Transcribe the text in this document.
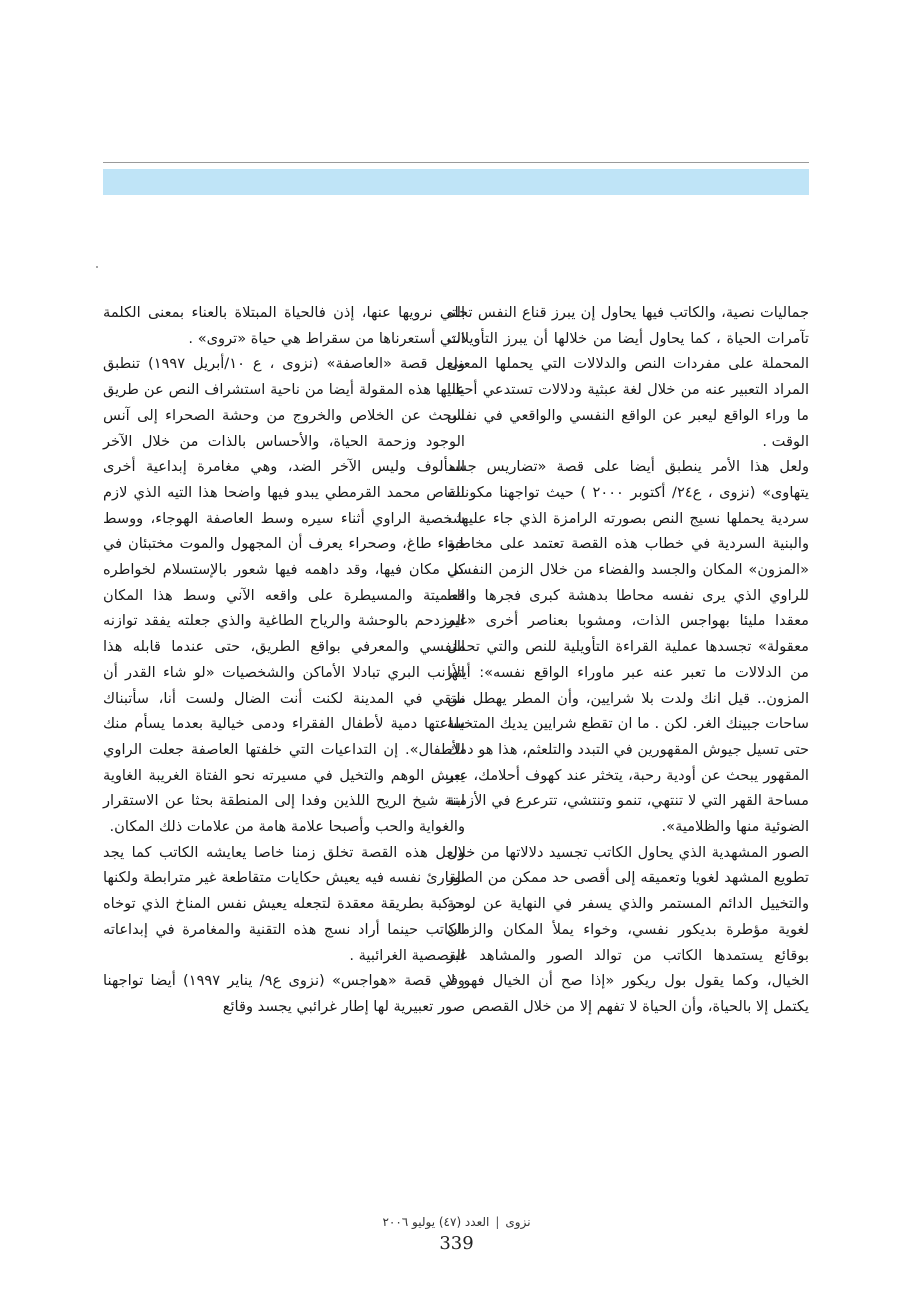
جماليات نصية، والكاتب فيها يحاول إن يبرز قناع النفس تجاه تآمرات الحياة ، كما يحاول أيضا من خلالها أن يبرز التأويلات المحملة على مفردات النص والدلالات التي يحملها المعنى المراد التعبير عنه من خلال لغة عبثية ودلالات تستدعي أحيانا ما وراء الواقع ليعبر عن الواقع النفسي والواقعي في نفس الوقت .

ولعل هذا الأمر ينطبق أيضا على قصة «تضاريس جسد يتهاوى» (نزوى ، ع٢٤/ أكتوبر ٢٠٠٠ ) حيث تواجهنا مكونات سردية يحملها نسيج النص بصورته الرامزة الذي جاء عليها . والبنية السردية في خطاب هذه القصة تعتمد على مخاطبة «المزون» المكان والجسد والفضاء من خلال الزمن النفسي للراوي الذي يرى نفسه محاطا بدهشة كبرى فجرها واقعا معقدا مليئا بهواجس الذات، ومشوبا بعناصر أخرى «غير معقولة» تجسدها عملية القراءة التأويلية للنص والتي تحمل من الدلالات ما تعبر عنه عبر ماوراء الواقع نفسه»: أيتها المزون.. قيل انك ولدت بلا شرايين، وأن المطر يهطل من ساحات جبينك الغر. لكن . ما ان تقطع شرايين يديك المتخيلة حتى تسيل جيوش المقهورين في التبدد والتلعثم، هذا هو دمك المقهور يبحث عن أودية رحبة، يتخثر عند كهوف أحلامك، عبر مساحة القهر التي لا تنتهي، تنمو وتنتشي، تترعرع في الأزمنة الضوئية منها والظلامية».

الصور المشهدية الذي يحاول الكاتب تجسيد دلالاتها من خلال تطويع المشهد لغويا وتعميقه إلى أقصى حد ممكن من الصور والتخييل الدائم المستمر والذي يسفر في النهاية عن لوحة لغوية مؤطرة بديكور نفسي، وخواء يملأ المكان والزمان بوقائع يستمدها الكاتب من توالد الصور والمشاهد عبر الخيال، وكما يقول بول ريكور «إذا صح أن الخيال فهو لا يكتمل إلا بالحياة، وأن الحياة لا تفهم إلا من خلال القصص

التي نرويها عنها، إذن فالحياة المبتلاة بالعناء بمعنى الكلمة التي أستعرناها من سقراط هي حياة «تروى» .

ولعل قصة «العاصفة» (نزوى ، ع ١٠/أبريل ١٩٩٧) تنطبق عليها هذه المقولة أيضا من ناحية استشراف النص عن طريق البحث عن الخلاص والخروج من وحشة الصحراء إلى آنس الوجود وزحمة الحياة، والأحساس بالذات من خلال الآخر المألوف وليس الآخر الضد، وهي مغامرة إبداعية أخرى للقاص محمد القرمطي يبدو فيها واضحا هذا التيه الذي لازم شخصية الراوي أثناء سيره وسط العاصفة الهوجاء، ووسط خواء طاغ، وصحراء يعرف أن المجهول والموت مختبئان في كل مكان فيها، وقد داهمه فيها شعور بالإستسلام لخواطره المميتة والمسيطرة على واقعه الآني وسط هذا المكان المزدحم بالوحشة والرياح الطاغية والذي جعلته يفقد توازنه النفسي والمعرفي بواقع الطريق، حتى عندما قابله هذا الأرنب البري تبادلا الأماكن والشخصيات «لو شاء القدر أن نلتقي في المدينة لكنت أنت الضال ولست أنا، سأتبناك ساعتها دمية لأطفال الفقراء ودمى خيالية بعدما يسأم منك الأطفال». إن التداعيات التي خلفتها العاصفة جعلت الراوي يعيش الوهم والتخيل في مسيرته نحو الفتاة الغريبة الغاوية ابنة شيخ الريح اللذين وفدا إلى المنطقة بحثا عن الاستقرار والغواية والحب وأصبحا علامة هامة من علامات ذلك المكان.

ولعل هذه القصة تخلق زمنا خاصا يعايشه الكاتب كما يجد القارئ نفسه فيه يعيش حكايات متقاطعة غير مترابطة ولكنها مركبة بطريقة معقدة لتجعله يعيش نفس المناخ الذي توخاه الكاتب حينما أراد نسج هذه التقنية والمغامرة في إبداعاته القصصية الغرائبية .

وفي قصة «هواجس» (نزوى ع٩/ يناير ١٩٩٧) أيضا تواجهنا صور تعبيرية لها إطار غرائبي يجسد وقائع

نزوى|العدد (٤٧) يوليو ٢٠٠٦
339
